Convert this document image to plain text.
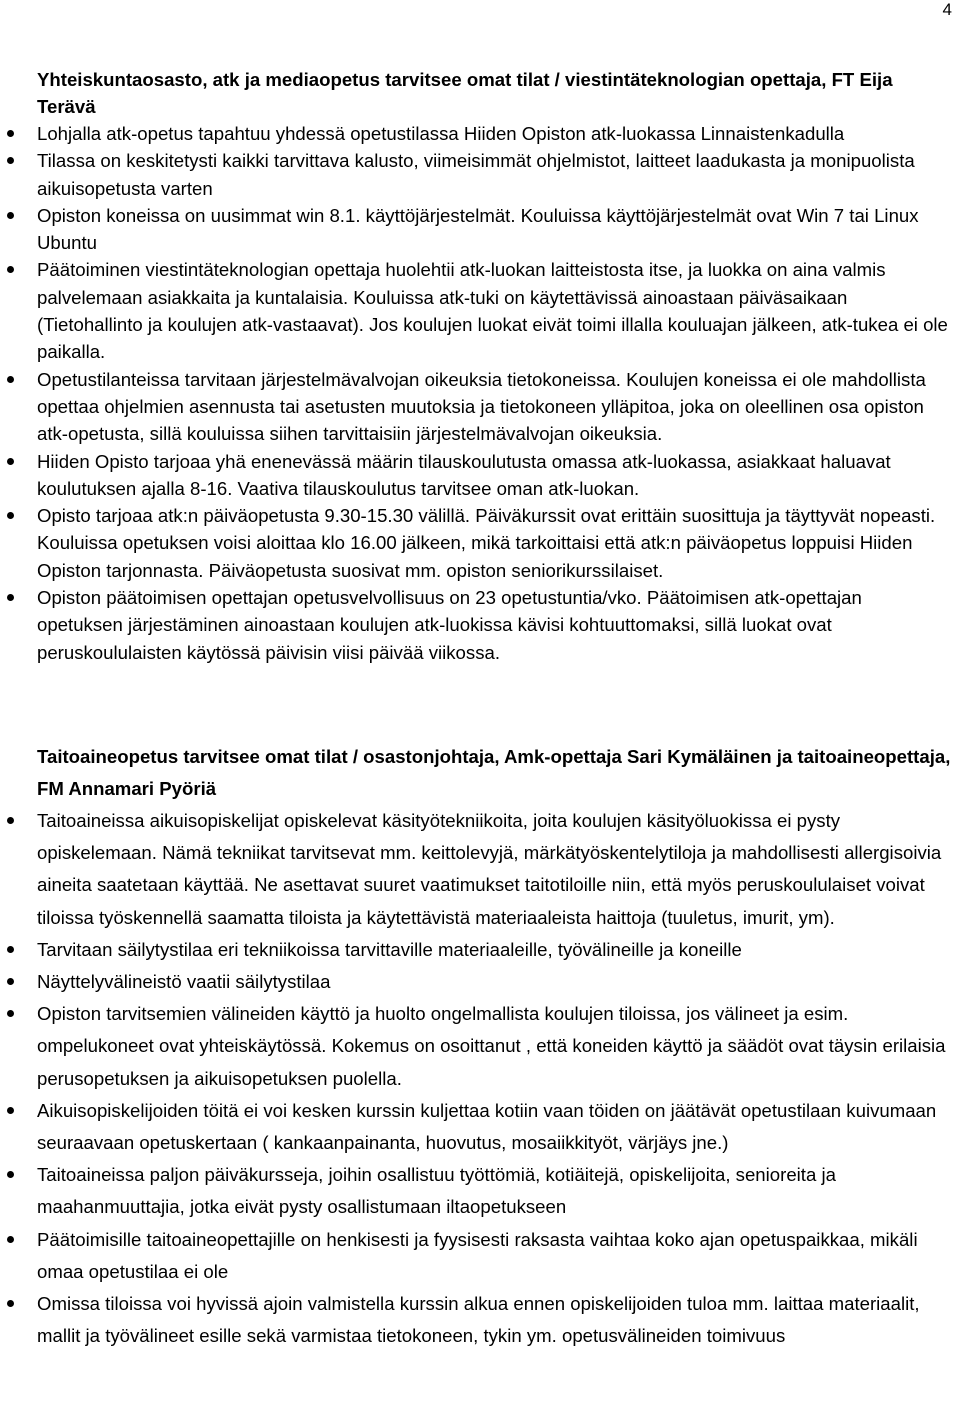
4

Yhteiskuntaosasto, atk ja mediaopetus tarvitsee omat tilat / viestintäteknologian opettaja, FT Eija Terävä

Lohjalla atk-opetus tapahtuu yhdessä opetustilassa Hiiden Opiston atk-luokassa Linnaistenkadulla
Tilassa on keskitetysti kaikki tarvittava kalusto, viimeisimmät ohjelmistot, laitteet laadukasta ja monipuolista aikuisopetusta varten
Opiston koneissa on uusimmat win 8.1. käyttöjärjestelmät. Kouluissa käyttöjärjestelmät ovat Win 7 tai Linux Ubuntu
Päätoiminen viestintäteknologian opettaja huolehtii atk-luokan laitteistosta itse, ja luokka on aina valmis palvelemaan asiakkaita ja kuntalaisia. Kouluissa atk-tuki on käytettävissä ainoastaan päiväsaikaan (Tietohallinto ja koulujen atk-vastaavat). Jos koulujen luokat eivät toimi illalla kouluajan jälkeen, atk-tukea ei ole paikalla.
Opetustilanteissa tarvitaan järjestelmävalvojan oikeuksia tietokoneissa. Koulujen koneissa ei ole mahdollista opettaa ohjelmien asennusta tai asetusten muutoksia ja tietokoneen ylläpitoa, joka on oleellinen osa opiston atk-opetusta, sillä kouluissa siihen tarvittaisiin järjestelmävalvojan oikeuksia.
Hiiden Opisto tarjoaa yhä enenevässä määrin tilauskoulutusta omassa atk-luokassa, asiakkaat haluavat koulutuksen ajalla 8-16. Vaativa tilauskoulutus tarvitsee oman atk-luokan.
Opisto tarjoaa atk:n päiväopetusta 9.30-15.30 välillä. Päiväkurssit ovat erittäin suosittuja ja täyttyvät nopeasti. Kouluissa opetuksen voisi aloittaa klo 16.00 jälkeen, mikä tarkoittaisi että atk:n päiväopetus loppuisi Hiiden Opiston tarjonnasta. Päiväopetusta suosivat mm. opiston seniorikurssilaiset.
Opiston päätoimisen opettajan opetusvelvollisuus on 23 opetustuntia/vko. Päätoimisen atk-opettajan opetuksen järjestäminen ainoastaan koulujen atk-luokissa kävisi kohtuuttomaksi, sillä luokat ovat peruskoululaisten käytössä päivisin viisi päivää viikossa.

Taitoaineopetus tarvitsee omat tilat / osastonjohtaja, Amk-opettaja Sari Kymäläinen ja taitoaineopettaja, FM Annamari Pyöriä

Taitoaineissa aikuisopiskelijat opiskelevat käsityötekniikoita, joita koulujen käsityöluokissa ei pysty opiskelemaan. Nämä tekniikat tarvitsevat mm. keittolevyjä, märkätyöskentelytiloja ja mahdollisesti allergisoivia aineita saatetaan käyttää. Ne asettavat suuret vaatimukset taitotiloille niin, että myös peruskoululaiset voivat tiloissa työskennellä saamatta tiloista ja käytettävistä materiaaleista haittoja (tuuletus, imurit, ym).
Tarvitaan säilytystilaa eri tekniikoissa tarvittaville materiaaleille, työvälineille ja koneille
Näyttelyvälineistö vaatii säilytystilaa
Opiston tarvitsemien välineiden käyttö ja huolto ongelmallista koulujen tiloissa, jos välineet ja esim. ompelukoneet ovat yhteiskäytössä. Kokemus on osoittanut , että koneiden käyttö ja säädöt ovat täysin erilaisia perusopetuksen ja aikuisopetuksen puolella.
Aikuisopiskelijoiden töitä ei voi kesken kurssin kuljettaa kotiin vaan töiden on jäätävät opetustilaan kuivumaan seuraavaan opetuskertaan ( kankaanpainanta, huovutus, mosaiikkityöt, värjäys jne.)
Taitoaineissa paljon päiväkursseja, joihin osallistuu työttömiä, kotiäitejä, opiskelijoita, senioreita ja maahanmuuttajia, jotka eivät pysty osallistumaan iltaopetukseen
Päätoimisille taitoaineopettajille on henkisesti ja fyysisesti raksasta vaihtaa koko ajan opetuspaikkaa, mikäli omaa opetustilaa ei ole
Omissa tiloissa voi hyvissä ajoin valmistella kurssin alkua ennen opiskelijoiden tuloa mm. laittaa materiaalit, mallit ja työvälineet esille sekä varmistaa tietokoneen, tykin ym. opetusvälineiden toimivuus
